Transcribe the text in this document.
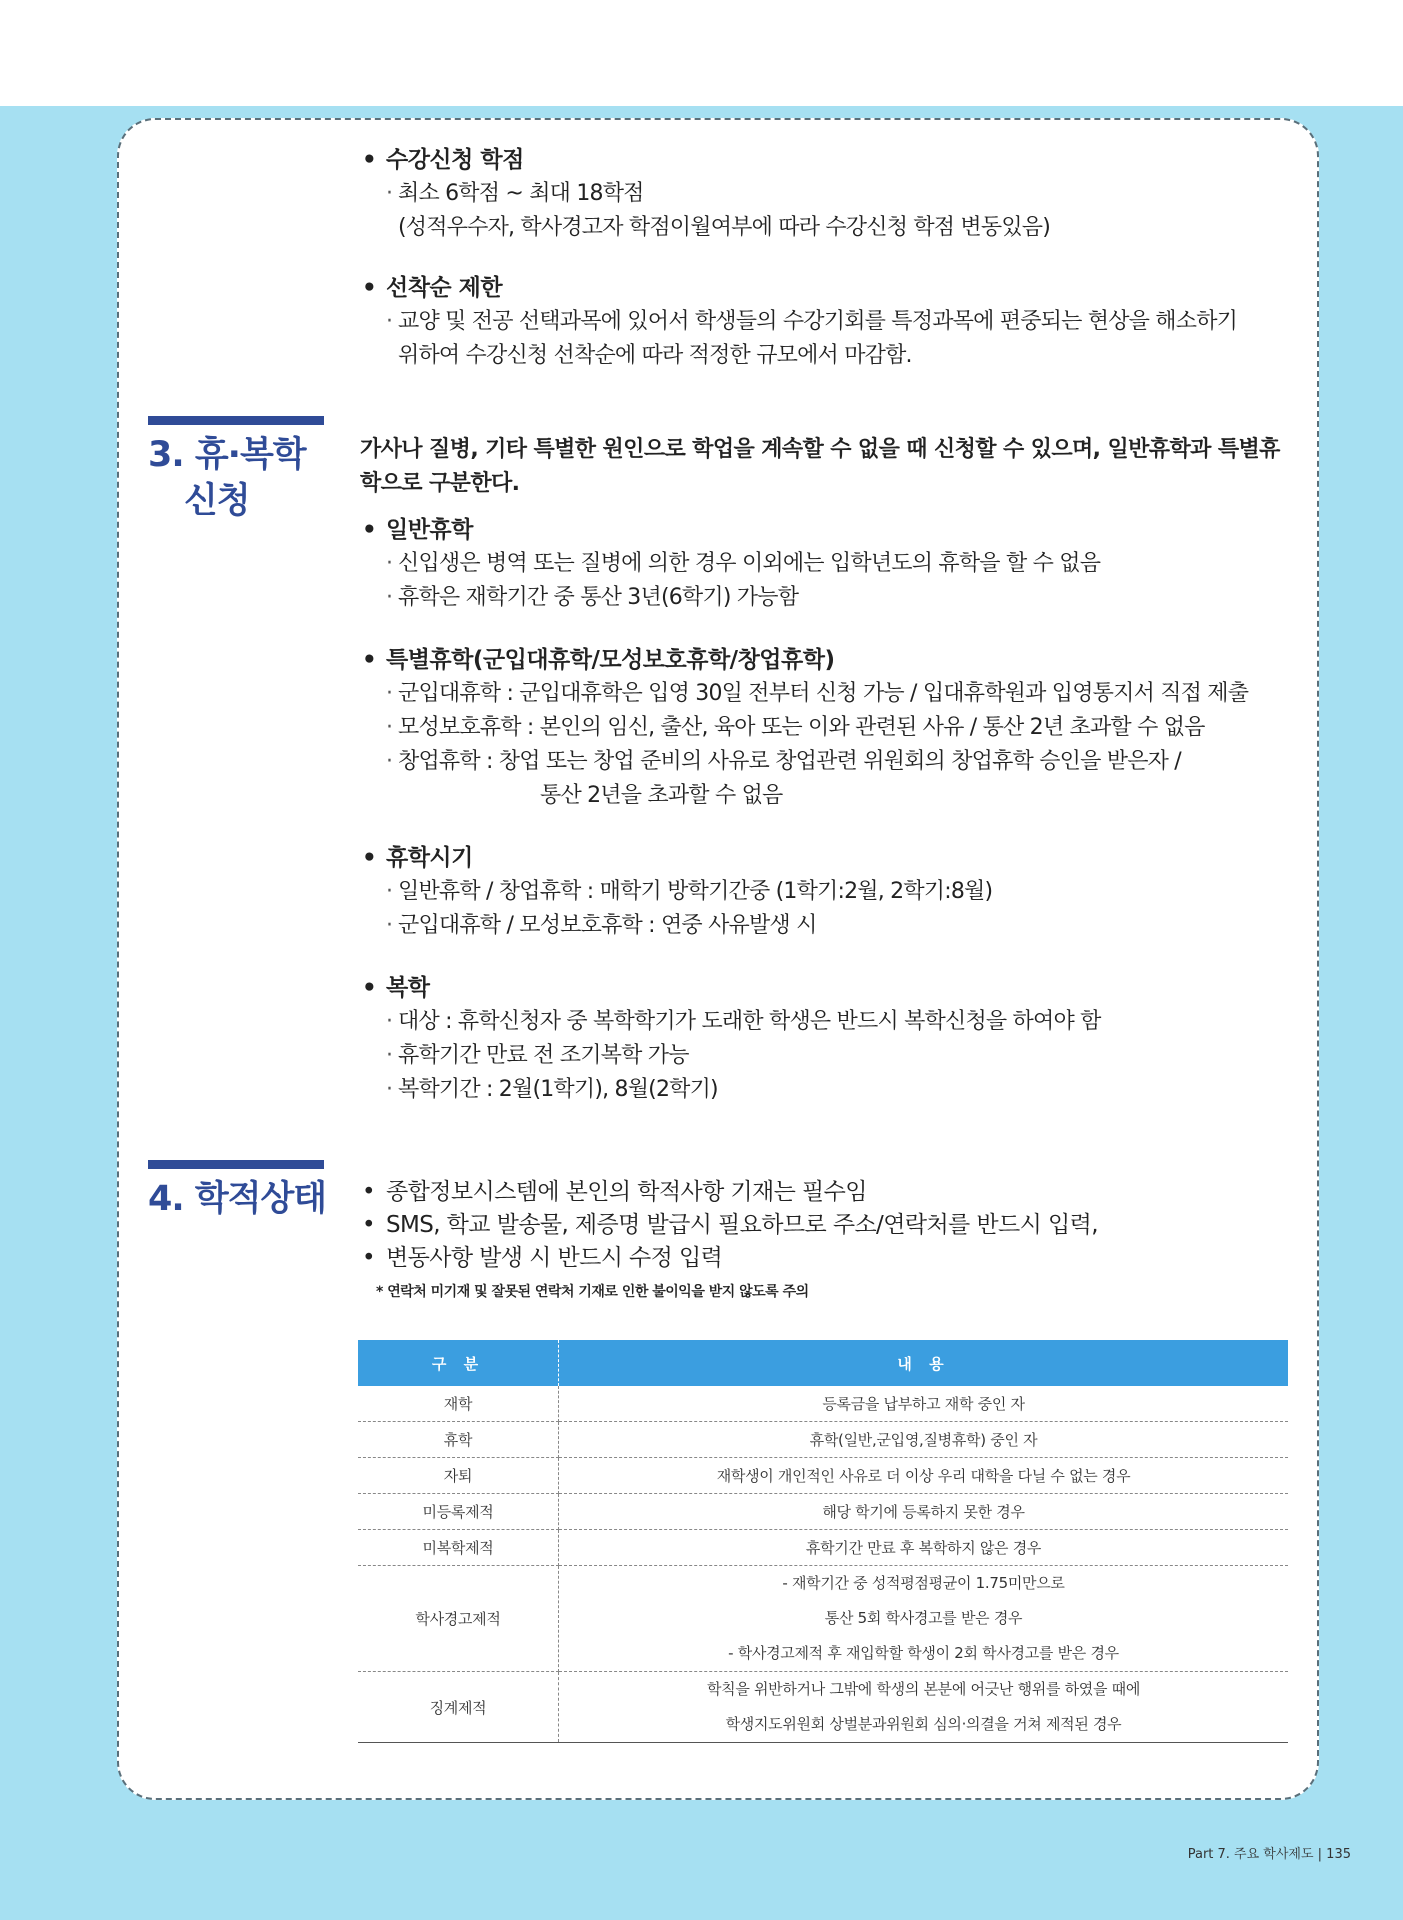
• 수강신청 학점
· 최소 6학점 ~ 최대 18학점
(성적우수자, 학사경고자 학점이월여부에 따라 수강신청 학점 변동있음)
• 선착순 제한
· 교양 및 전공 선택과목에 있어서 학생들의 수강기회를 특정과목에 편중되는 현상을 해소하기
위하여 수강신청 선착순에 따라 적정한 규모에서 마감함.
3. 휴·복학
신청
가사나 질병, 기타 특별한 원인으로 학업을 계속할 수 없을 때 신청할 수 있으며, 일반휴학과 특별휴학으로 구분한다.
• 일반휴학
· 신입생은 병역 또는 질병에 의한 경우 이외에는 입학년도의 휴학을 할 수 없음
· 휴학은 재학기간 중 통산 3년(6학기) 가능함
• 특별휴학(군입대휴학/모성보호휴학/창업휴학)
· 군입대휴학 : 군입대휴학은 입영 30일 전부터 신청 가능 / 입대휴학원과 입영통지서 직접 제출
· 모성보호휴학 : 본인의 임신, 출산, 육아 또는 이와 관련된 사유 / 통산 2년 초과할 수 없음
· 창업휴학 : 창업 또는 창업 준비의 사유로 창업관련 위원회의 창업휴학 승인을 받은자 /
통산 2년을 초과할 수 없음
• 휴학시기
· 일반휴학 / 창업휴학 : 매학기 방학기간중 (1학기:2월, 2학기:8월)
· 군입대휴학 / 모성보호휴학 : 연중 사유발생 시
• 복학
· 대상 : 휴학신청자 중 복학학기가 도래한 학생은 반드시 복학신청을 하여야 함
· 휴학기간 만료 전 조기복학 가능
· 복학기간 : 2월(1학기), 8월(2학기)
4. 학적상태	• 종합정보시스템에 본인의 학적사항 기재는 필수임
• SMS, 학교 발송물, 제증명 발급시 필요하므로 주소/연락처를 반드시 입력,
• 변동사항 발생 시 반드시 수정 입력
* 연락처 미기재 및 잘못된 연락처 기재로 인한 불이익을 받지 않도록 주의
구 분	내 용
재학	등록금을 납부하고 재학 중인 자
휴학	휴학(일반,군입영,질병휴학) 중인 자
자퇴	재학생이 개인적인 사유로 더 이상 우리 대학을 다닐 수 없는 경우
미등록제적	해당 학기에 등록하지 못한 경우
미복학제적	휴학기간 만료 후 복학하지 않은 경우
학사경고제적	- 재학기간 중 성적평점평균이 1.75미만으로
통산 5회 학사경고를 받은 경우
- 학사경고제적 후 재입학할 학생이 2회 학사경고를 받은 경우

징계제적	학칙을 위반하거나 그밖에 학생의 본분에 어긋난 행위를 하였을 때에
학생지도위원회 상벌분과위원회 심의·의결을 거쳐 제적된 경우
Part 7. 주요 학사제도 | 135
